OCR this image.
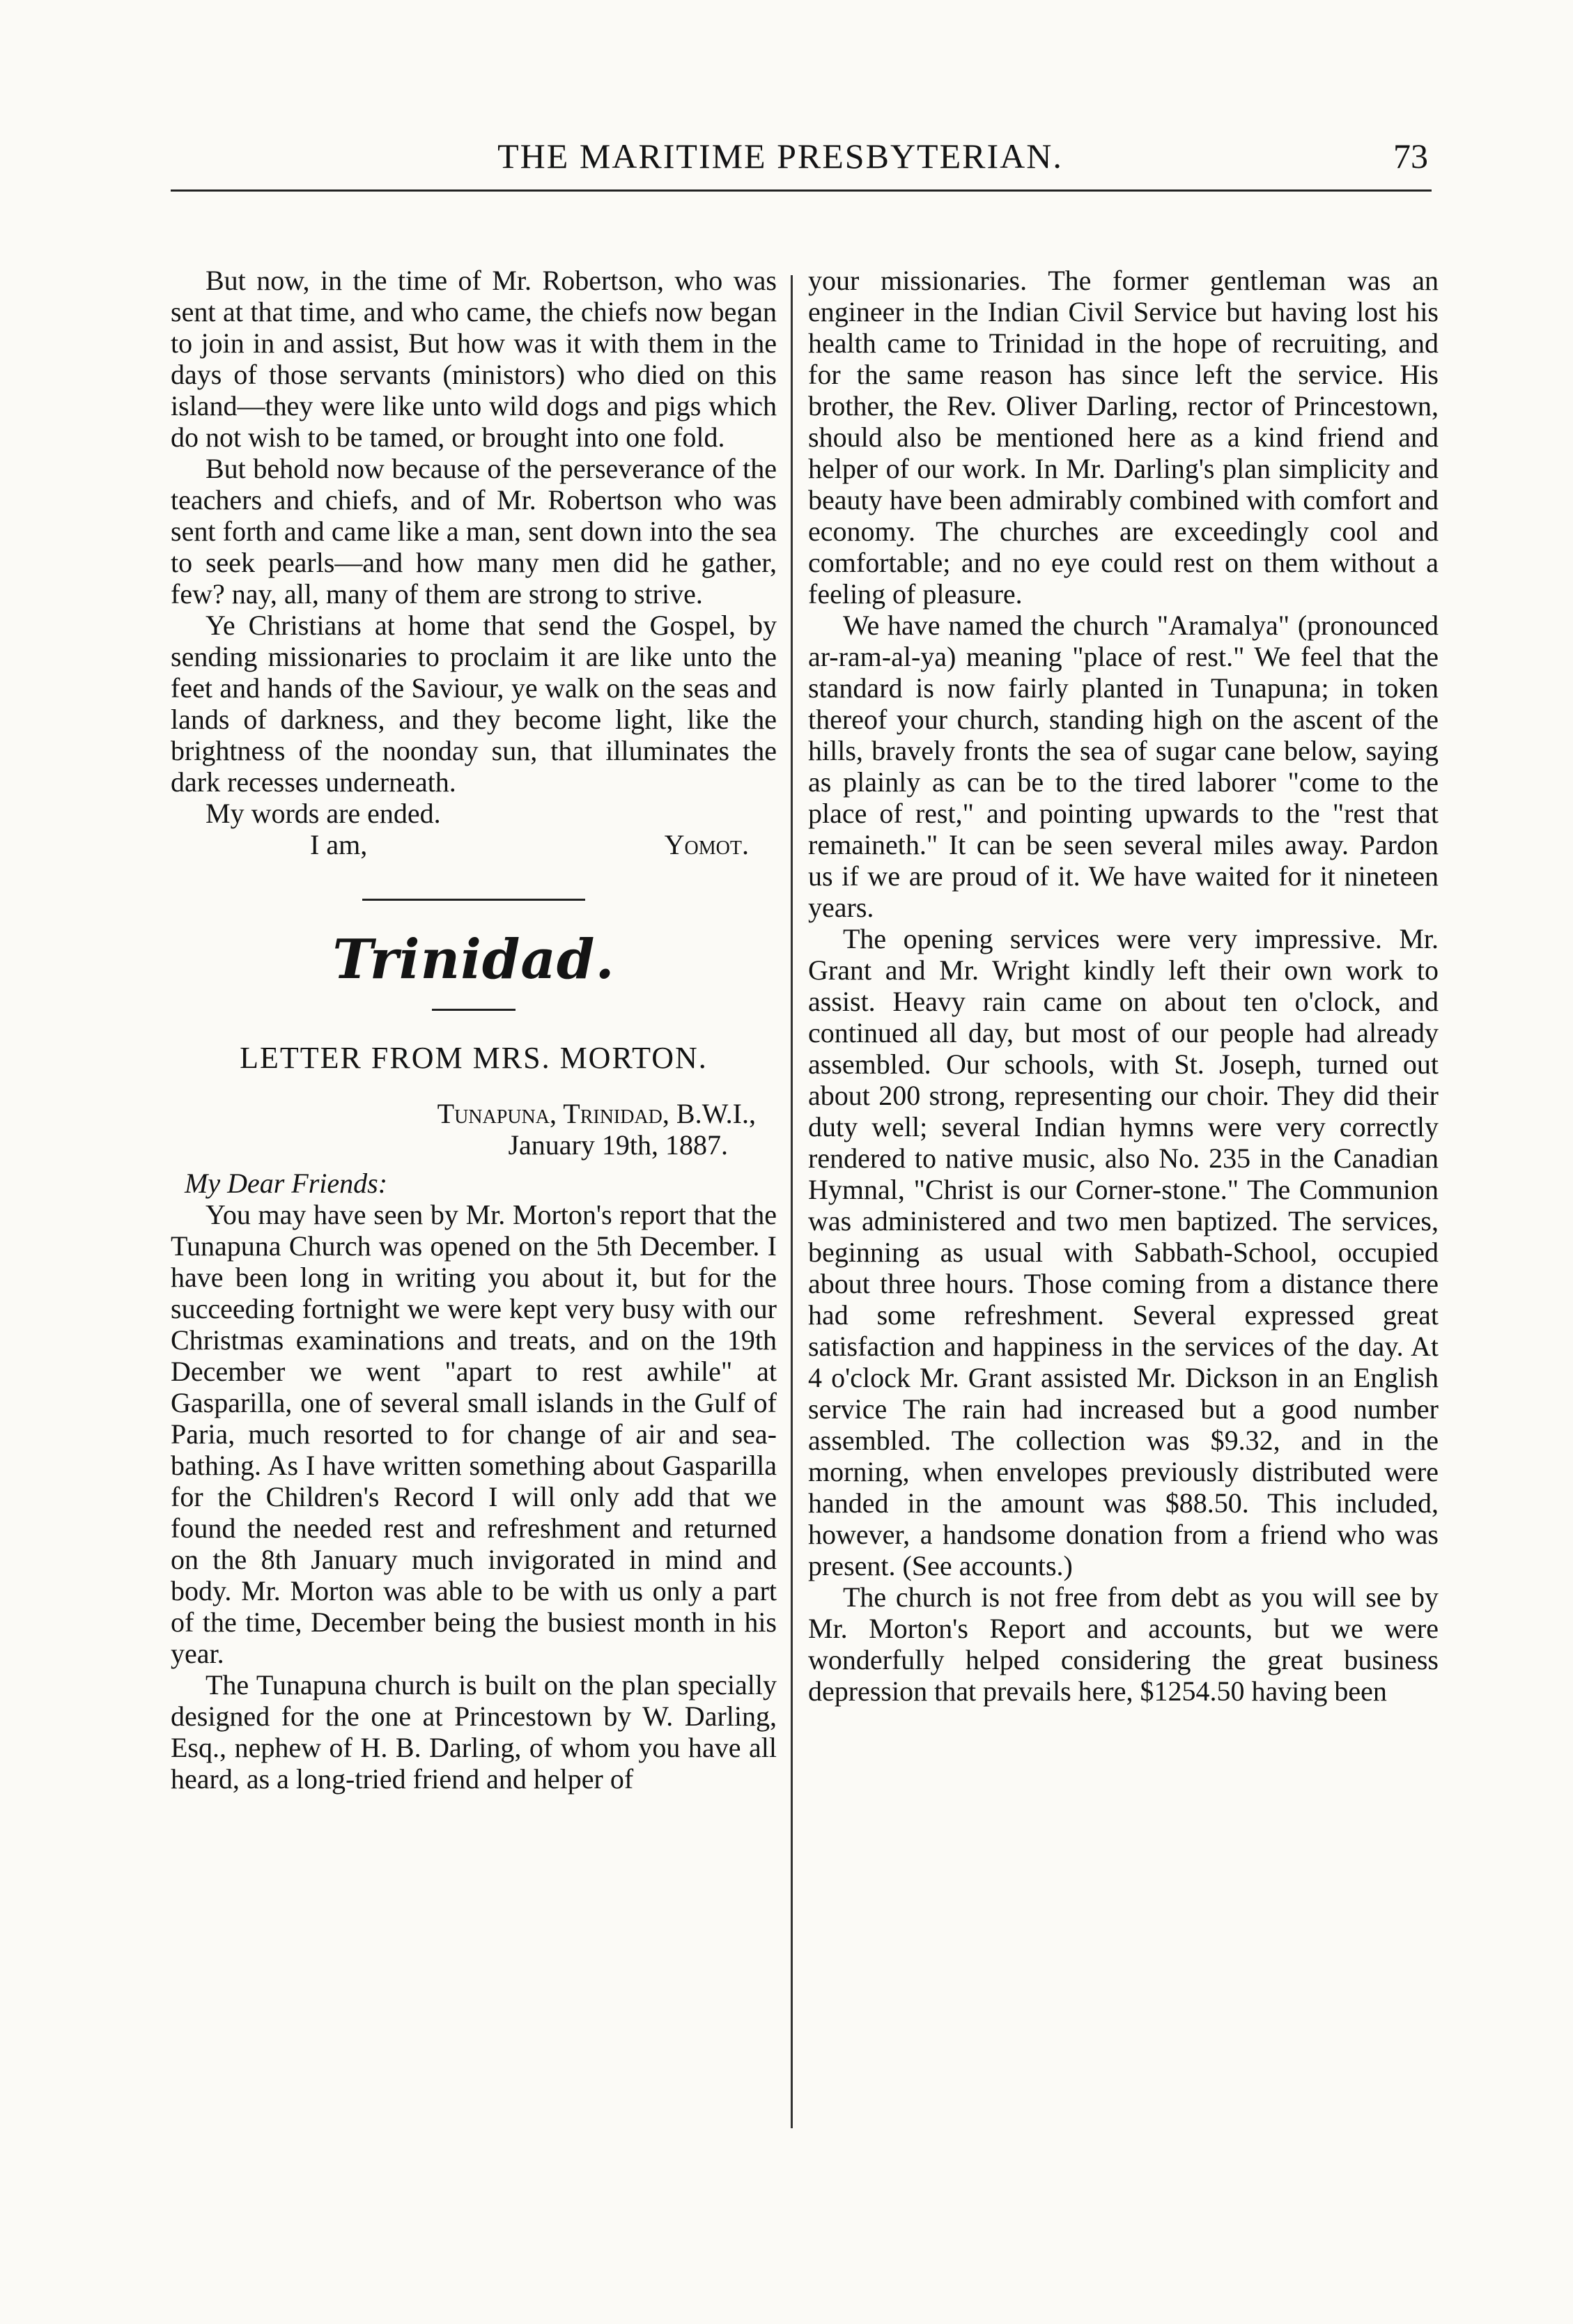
THE MARITIME PRESBYTERIAN.	73

But now, in the time of Mr. Robertson, who was sent at that time, and who came, the chiefs now began to join in and assist, But how was it with them in the days of those servants (ministors) who died on this island—they were like unto wild dogs and pigs which do not wish to be tamed, or brought into one fold.

But behold now because of the perseverance of the teachers and chiefs, and of Mr. Robertson who was sent forth and came like a man, sent down into the sea to seek pearls—and how many men did he gather, few? nay, all, many of them are strong to strive.

Ye Christians at home that send the Gospel, by sending missionaries to proclaim it are like unto the feet and hands of the Saviour, ye walk on the seas and lands of darkness, and they become light, like the brightness of the noonday sun, that illuminates the dark recesses underneath.

My words are ended.
I am,	Yomot.
Trinidad.
LETTER FROM MRS. MORTON.
Tunapuna, Trinidad, B.W.I.,
January 19th, 1887.
My Dear Friends:

You may have seen by Mr. Morton's report that the Tunapuna Church was opened on the 5th December. I have been long in writing you about it, but for the succeeding fortnight we were kept very busy with our Christmas examinations and treats, and on the 19th December we went "apart to rest awhile" at Gasparilla, one of several small islands in the Gulf of Paria, much resorted to for change of air and sea-bathing. As I have written something about Gasparilla for the Children's Record I will only add that we found the needed rest and refreshment and returned on the 8th January much invigorated in mind and body. Mr. Morton was able to be with us only a part of the time, December being the busiest month in his year.

The Tunapuna church is built on the plan specially designed for the one at Princestown by W. Darling, Esq., nephew of H. B. Darling, of whom you have all heard, as a long-tried friend and helper of

your missionaries. The former gentleman was an engineer in the Indian Civil Service but having lost his health came to Trinidad in the hope of recruiting, and for the same reason has since left the service. His brother, the Rev. Oliver Darling, rector of Princestown, should also be mentioned here as a kind friend and helper of our work. In Mr. Darling's plan simplicity and beauty have been admirably combined with comfort and economy. The churches are exceedingly cool and comfortable; and no eye could rest on them without a feeling of pleasure.

We have named the church "Aramalya" (pronounced ar-ram-al-ya) meaning "place of rest." We feel that the standard is now fairly planted in Tunapuna; in token thereof your church, standing high on the ascent of the hills, bravely fronts the sea of sugar cane below, saying as plainly as can be to the tired laborer "come to the place of rest," and pointing upwards to the "rest that remaineth." It can be seen several miles away. Pardon us if we are proud of it. We have waited for it nineteen years.

The opening services were very impressive. Mr. Grant and Mr. Wright kindly left their own work to assist. Heavy rain came on about ten o'clock, and continued all day, but most of our people had already assembled. Our schools, with St. Joseph, turned out about 200 strong, representing our choir. They did their duty well; several Indian hymns were very correctly rendered to native music, also No. 235 in the Canadian Hymnal, "Christ is our Corner-stone." The Communion was administered and two men baptized. The services, beginning as usual with Sabbath-School, occupied about three hours. Those coming from a distance there had some refreshment. Several expressed great satisfaction and happiness in the services of the day. At 4 o'clock Mr. Grant assisted Mr. Dickson in an English service The rain had increased but a good number assembled. The collection was $9.32, and in the morning, when envelopes previously distributed were handed in the amount was $88.50. This included, however, a handsome donation from a friend who was present. (See accounts.)

The church is not free from debt as you will see by Mr. Morton's Report and accounts, but we were wonderfully helped considering the great business depression that prevails here, $1254.50 having been
